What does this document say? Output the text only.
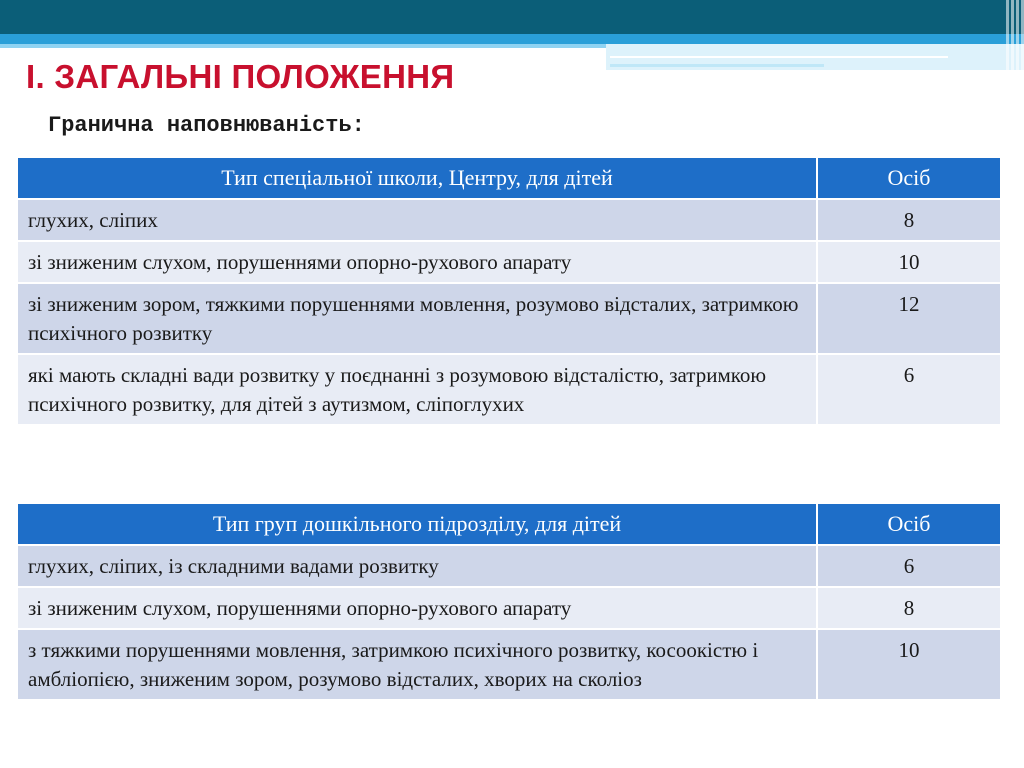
І. ЗАГАЛЬНІ ПОЛОЖЕННЯ
Гранична наповнюваність:
Тип спеціальної школи, Центру, для дітей	Осіб
глухих, сліпих	8
зі зниженим слухом, порушеннями опорно-рухового апарату	10
зі зниженим зором, тяжкими порушеннями мовлення, розумово відсталих, затримкою психічного розвитку	12
які мають складні вади розвитку у поєднанні з розумовою відсталістю, затримкою психічного розвитку, для дітей з аутизмом, сліпоглухих	6
Тип груп дошкільного підрозділу, для дітей	Осіб
глухих, сліпих, із складними вадами розвитку	6
зі зниженим слухом, порушеннями опорно-рухового апарату	8
з тяжкими порушеннями мовлення, затримкою психічного розвитку, косоокістю і амбліопією, зниженим зором, розумово відсталих, хворих на сколіоз	10
